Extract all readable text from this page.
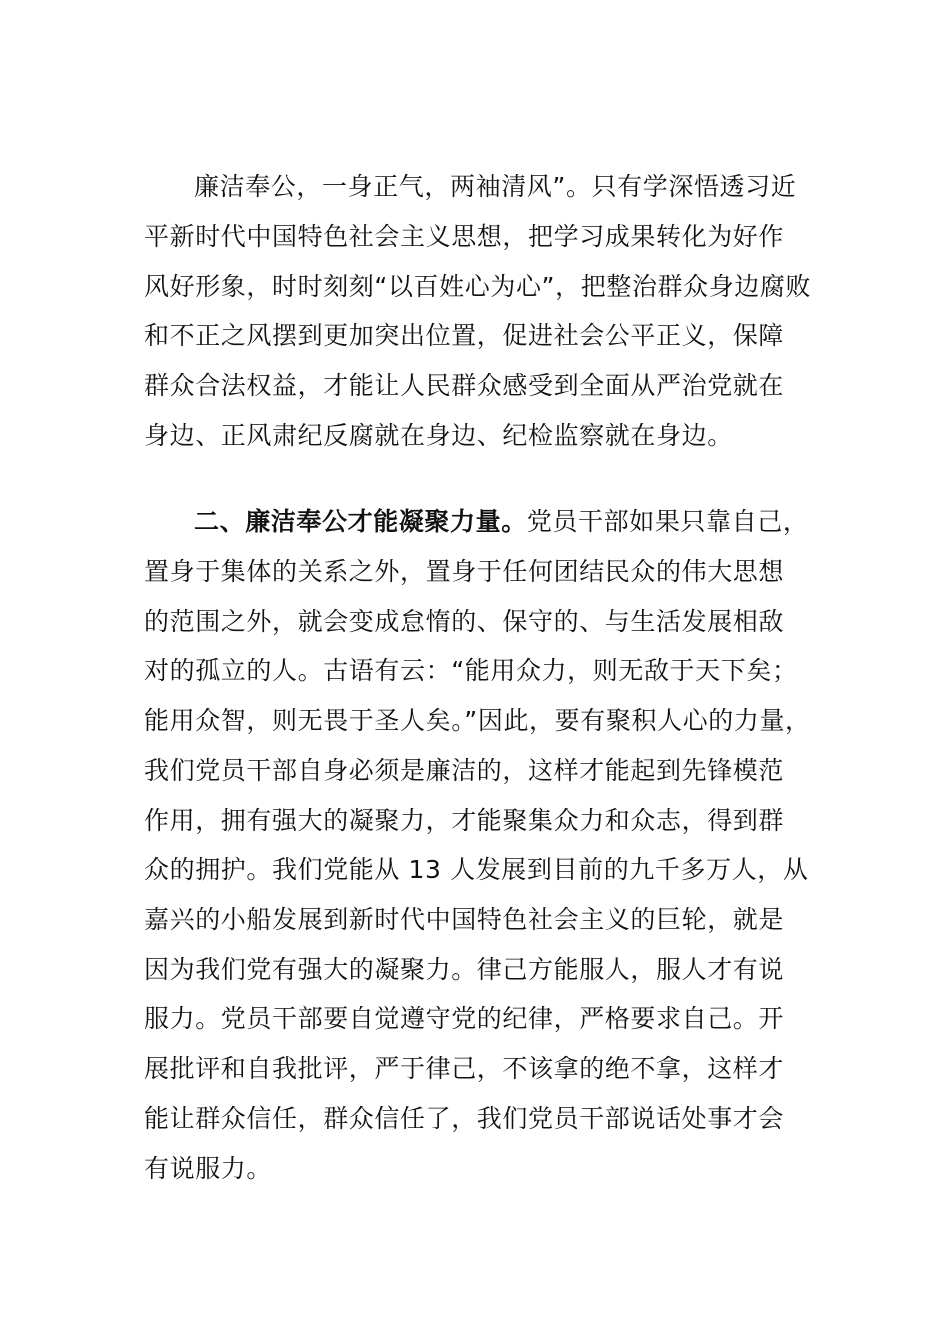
廉洁奉公，一身正气，两袖清风”。只有学深悟透习近
平新时代中国特色社会主义思想，把学习成果转化为好作
风好形象，时时刻刻“以百姓心为心”，把整治群众身边腐败
和不正之风摆到更加突出位置，促进社会公平正义，保障
群众合法权益，才能让人民群众感受到全面从严治党就在
身边、正风肃纪反腐就在身边、纪检监察就在身边。
二、廉洁奉公才能凝聚力量。党员干部如果只靠自己，
置身于集体的关系之外，置身于任何团结民众的伟大思想
的范围之外，就会变成怠惰的、保守的、与生活发展相敌
对的孤立的人。古语有云：“能用众力，则无敌于天下矣；
能用众智，则无畏于圣人矣。”因此，要有聚积人心的力量，
我们党员干部自身必须是廉洁的，这样才能起到先锋模范
作用，拥有强大的凝聚力，才能聚集众力和众志，得到群
众的拥护。我们党能从 13 人发展到目前的九千多万人，从
嘉兴的小船发展到新时代中国特色社会主义的巨轮，就是
因为我们党有强大的凝聚力。律己方能服人，服人才有说
服力。党员干部要自觉遵守党的纪律，严格要求自己。开
展批评和自我批评，严于律己，不该拿的绝不拿，这样才
能让群众信任，群众信任了，我们党员干部说话处事才会
有说服力。
